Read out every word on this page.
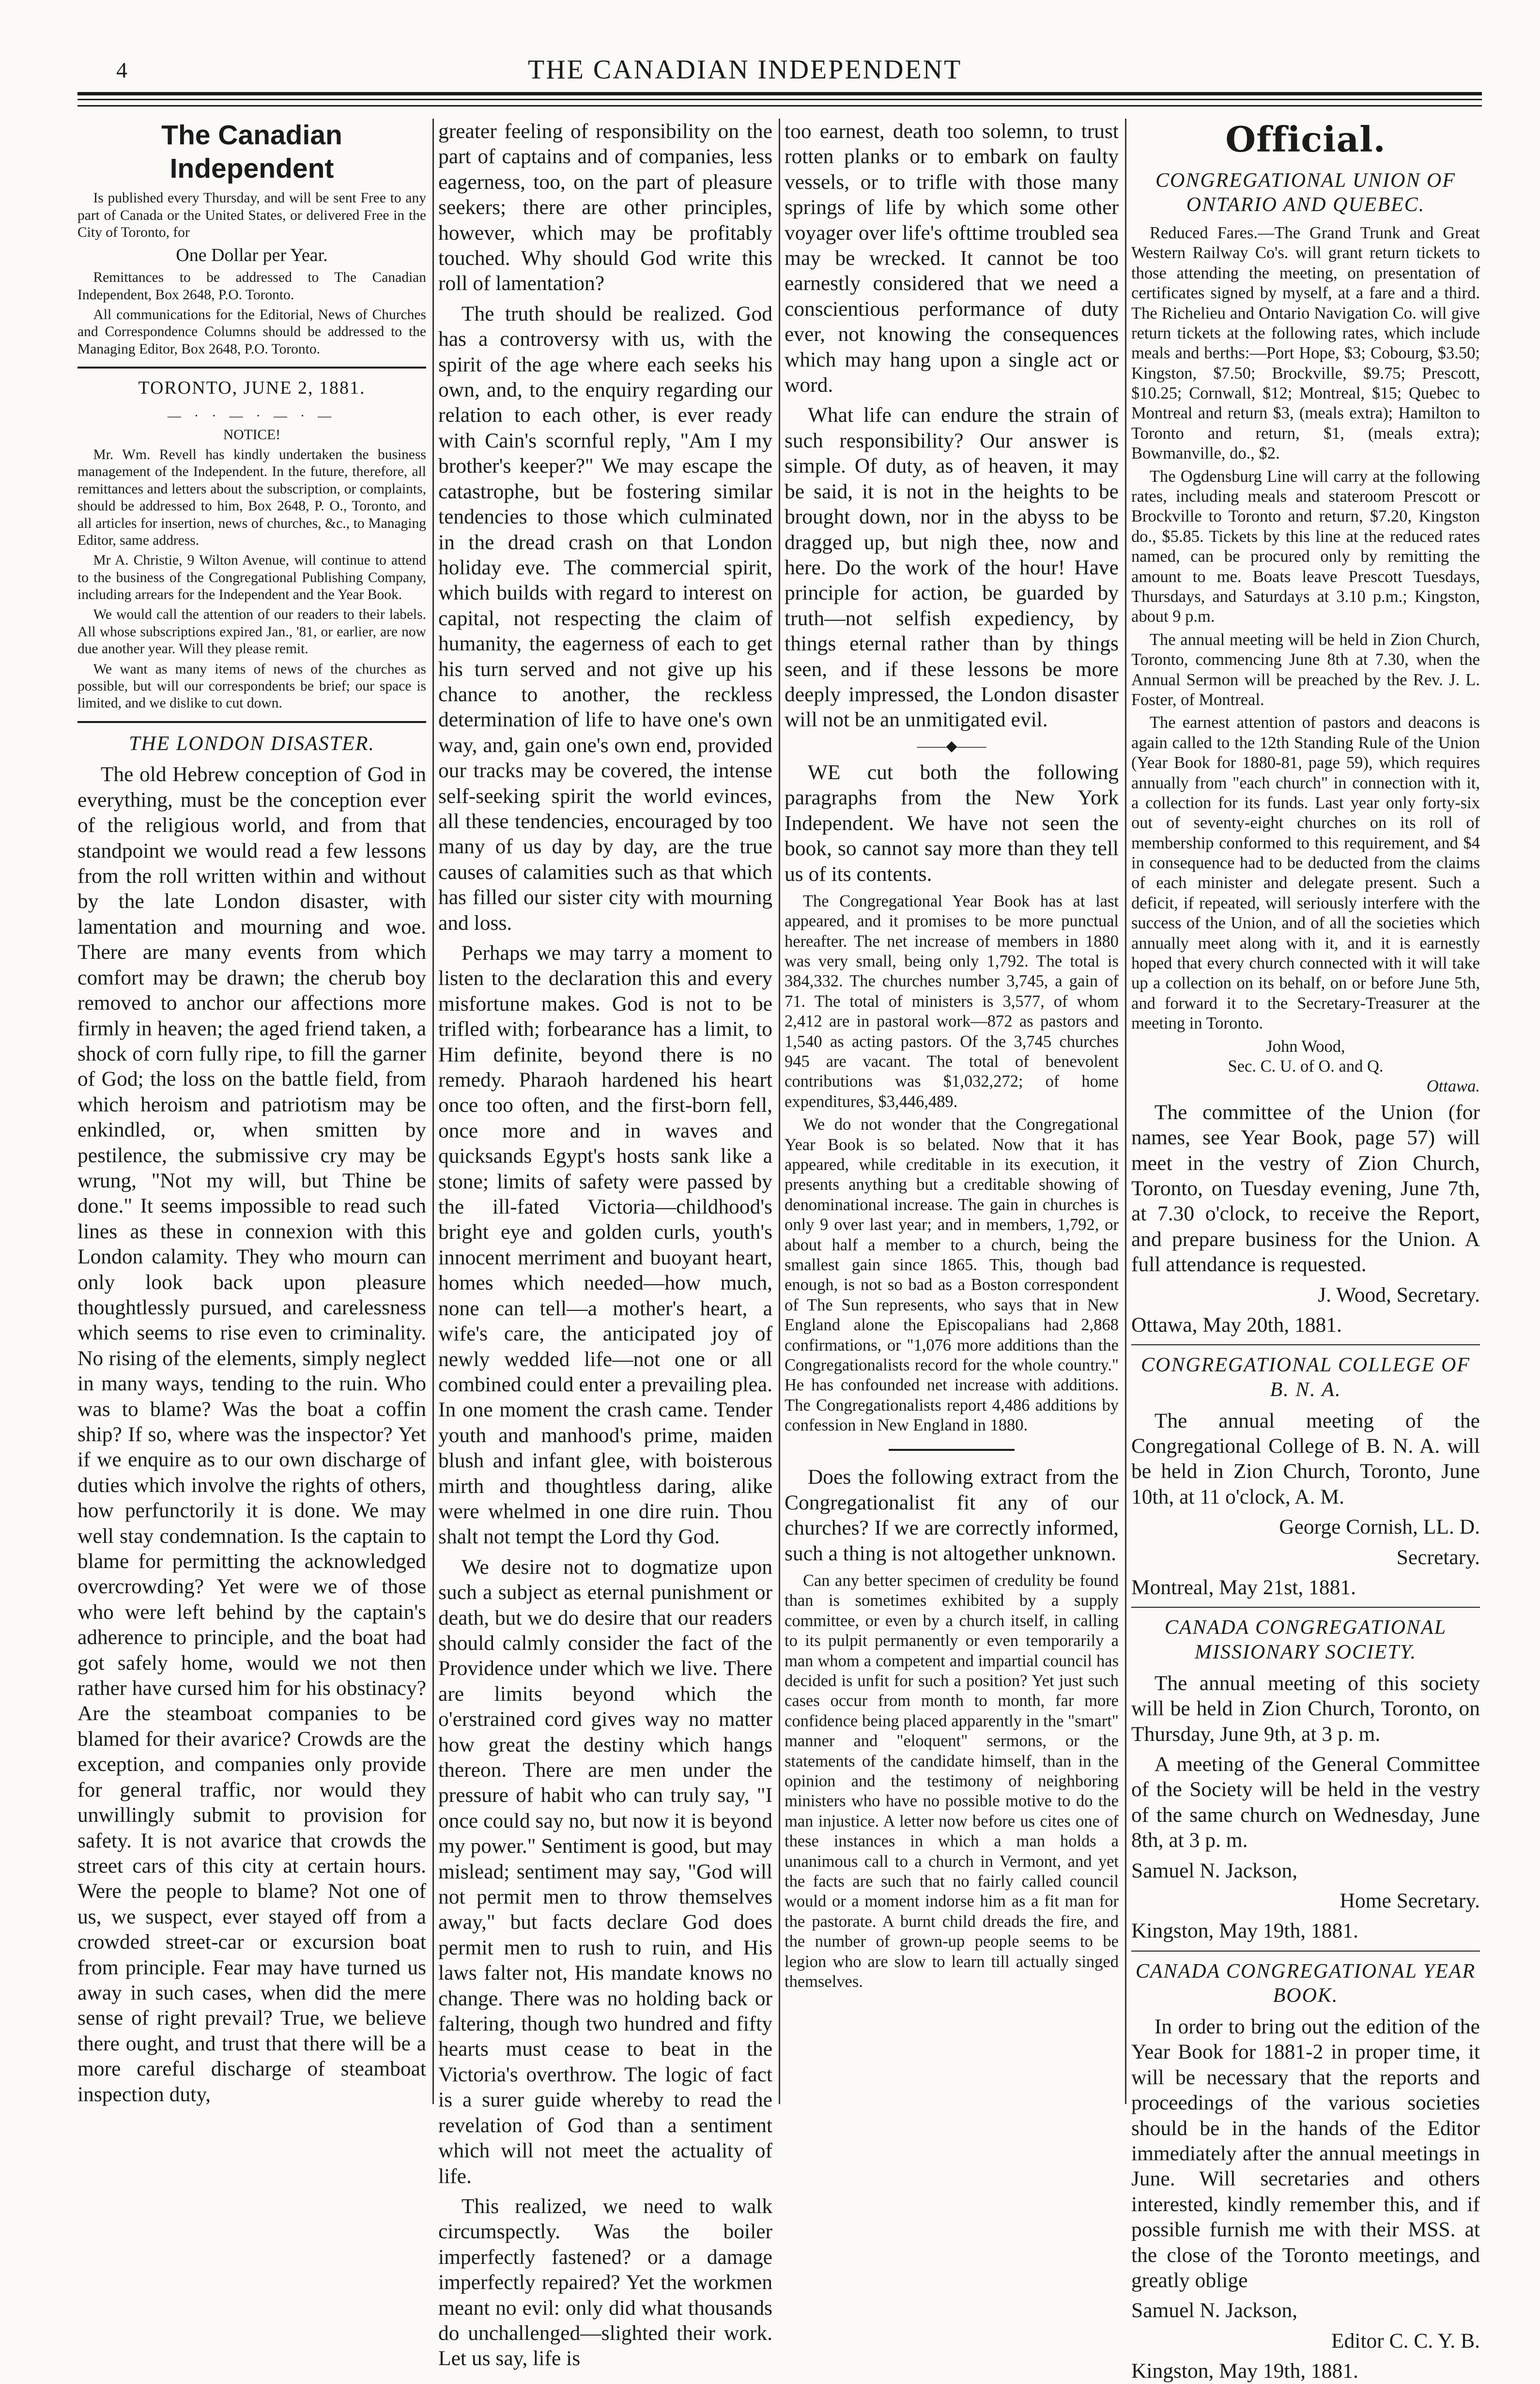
4	THE CANADIAN INDEPENDENT
The Canadian Independent

Is published every Thursday, and will be sent Free to any part of Canada or the United States, or delivered Free in the City of Toronto, for

One Dollar per Year.

Remittances to be addressed to The Canadian Independent, Box 2648, P.O. Toronto.

All communications for the Editorial, News of Churches and Correspondence Columns should be addressed to the Managing Editor, Box 2648, P.O. Toronto.

TORONTO, JUNE 2, 1881.
— · · — · — · —

NOTICE!

Mr. Wm. Revell has kindly undertaken the business management of the Independent. In the future, therefore, all remittances and letters about the subscription, or complaints, should be addressed to him, Box 2648, P. O., Toronto, and all articles for insertion, news of churches, &c., to Managing Editor, same address.

Mr A. Christie, 9 Wilton Avenue, will continue to attend to the business of the Congregational Publishing Company, including arrears for the Independent and the Year Book.

We would call the attention of our readers to their labels. All whose subscriptions expired Jan., '81, or earlier, are now due another year. Will they please remit.

We want as many items of news of the churches as possible, but will our correspondents be brief; our space is limited, and we dislike to cut down.

THE LONDON DISASTER.

The old Hebrew conception of God in everything, must be the conception ever of the religious world, and from that standpoint we would read a few lessons from the roll written within and without by the late London disaster, with lamentation and mourning and woe. There are many events from which comfort may be drawn; the cherub boy removed to anchor our affections more firmly in heaven; the aged friend taken, a shock of corn fully ripe, to fill the garner of God; the loss on the battle field, from which heroism and patriotism may be enkindled, or, when smitten by pestilence, the submissive cry may be wrung, "Not my will, but Thine be done." It seems impossible to read such lines as these in connexion with this London calamity. They who mourn can only look back upon pleasure thoughtlessly pursued, and carelessness which seems to rise even to criminality. No rising of the elements, simply neglect in many ways, tending to the ruin. Who was to blame? Was the boat a coffin ship? If so, where was the inspector? Yet if we enquire as to our own discharge of duties which involve the rights of others, how perfunctorily it is done. We may well stay condemnation. Is the captain to blame for permitting the acknowledged overcrowding? Yet were we of those who were left behind by the captain's adherence to principle, and the boat had got safely home, would we not then rather have cursed him for his obstinacy? Are the steamboat companies to be blamed for their avarice? Crowds are the exception, and companies only provide for general traffic, nor would they unwillingly submit to provision for safety. It is not avarice that crowds the street cars of this city at certain hours. Were the people to blame? Not one of us, we suspect, ever stayed off from a crowded street-car or excursion boat from principle. Fear may have turned us away in such cases, when did the mere sense of right prevail? True, we believe there ought, and trust that there will be a more careful discharge of steamboat inspection duty,

greater feeling of responsibility on the part of captains and of companies, less eagerness, too, on the part of pleasure seekers; there are other principles, however, which may be profitably touched. Why should God write this roll of lamentation?

The truth should be realized. God has a controversy with us, with the spirit of the age where each seeks his own, and, to the enquiry regarding our relation to each other, is ever ready with Cain's scornful reply, "Am I my brother's keeper?" We may escape the catastrophe, but be fostering similar tendencies to those which culminated in the dread crash on that London holiday eve. The commercial spirit, which builds with regard to interest on capital, not respecting the claim of humanity, the eagerness of each to get his turn served and not give up his chance to another, the reckless determination of life to have one's own way, and, gain one's own end, provided our tracks may be covered, the intense self-seeking spirit the world evinces, all these tendencies, encouraged by too many of us day by day, are the true causes of calamities such as that which has filled our sister city with mourning and loss.

Perhaps we may tarry a moment to listen to the declaration this and every misfortune makes. God is not to be trifled with; forbearance has a limit, to Him definite, beyond there is no remedy. Pharaoh hardened his heart once too often, and the first-born fell, once more and in waves and quicksands Egypt's hosts sank like a stone; limits of safety were passed by the ill-fated Victoria—childhood's bright eye and golden curls, youth's innocent merriment and buoyant heart, homes which needed—how much, none can tell—a mother's heart, a wife's care, the anticipated joy of newly wedded life—not one or all combined could enter a prevailing plea. In one moment the crash came. Tender youth and manhood's prime, maiden blush and infant glee, with boisterous mirth and thoughtless daring, alike were whelmed in one dire ruin. Thou shalt not tempt the Lord thy God.

We desire not to dogmatize upon such a subject as eternal punishment or death, but we do desire that our readers should calmly consider the fact of the Providence under which we live. There are limits beyond which the o'erstrained cord gives way no matter how great the destiny which hangs thereon. There are men under the pressure of habit who can truly say, "I once could say no, but now it is beyond my power." Sentiment is good, but may mislead; sentiment may say, "God will not permit men to throw themselves away," but facts declare God does permit men to rush to ruin, and His laws falter not, His mandate knows no change. There was no holding back or faltering, though two hundred and fifty hearts must cease to beat in the Victoria's overthrow. The logic of fact is a surer guide whereby to read the revelation of God than a sentiment which will not meet the actuality of life.

This realized, we need to walk circumspectly. Was the boiler imperfectly fastened? or a damage imperfectly repaired? Yet the workmen meant no evil: only did what thousands do unchallenged—slighted their work. Let us say, life is

too earnest, death too solemn, to trust rotten planks or to embark on faulty vessels, or to trifle with those many springs of life by which some other voyager over life's ofttime troubled sea may be wrecked. It cannot be too earnestly considered that we need a conscientious performance of duty ever, not knowing the consequences which may hang upon a single act or word.

What life can endure the strain of such responsibility? Our answer is simple. Of duty, as of heaven, it may be said, it is not in the heights to be brought down, nor in the abyss to be dragged up, but nigh thee, now and here. Do the work of the hour! Have principle for action, be guarded by truth—not selfish expediency, by things eternal rather than by things seen, and if these lessons be more deeply impressed, the London disaster will not be an unmitigated evil.

——◆——

WE cut both the following paragraphs from the New York Independent. We have not seen the book, so cannot say more than they tell us of its contents.

The Congregational Year Book has at last appeared, and it promises to be more punctual hereafter. The net increase of members in 1880 was very small, being only 1,792. The total is 384,332. The churches number 3,745, a gain of 71. The total of ministers is 3,577, of whom 2,412 are in pastoral work—872 as pastors and 1,540 as acting pastors. Of the 3,745 churches 945 are vacant. The total of benevolent contributions was $1,032,272; of home expenditures, $3,446,489.

We do not wonder that the Congregational Year Book is so belated. Now that it has appeared, while creditable in its execution, it presents anything but a creditable showing of denominational increase. The gain in churches is only 9 over last year; and in members, 1,792, or about half a member to a church, being the smallest gain since 1865. This, though bad enough, is not so bad as a Boston correspondent of The Sun represents, who says that in New England alone the Episcopalians had 2,868 confirmations, or "1,076 more additions than the Congregationalists record for the whole country." He has confounded net increase with additions. The Congregationalists report 4,486 additions by confession in New England in 1880.

Does the following extract from the Congregationalist fit any of our churches? If we are correctly informed, such a thing is not altogether unknown.

Can any better specimen of credulity be found than is sometimes exhibited by a supply committee, or even by a church itself, in calling to its pulpit permanently or even temporarily a man whom a competent and impartial council has decided is unfit for such a position? Yet just such cases occur from month to month, far more confidence being placed apparently in the "smart" manner and "eloquent" sermons, or the statements of the candidate himself, than in the opinion and the testimony of neighboring ministers who have no possible motive to do the man injustice. A letter now before us cites one of these instances in which a man holds a unanimous call to a church in Vermont, and yet the facts are such that no fairly called council would or a moment indorse him as a fit man for the pastorate. A burnt child dreads the fire, and the number of grown-up people seems to be legion who are slow to learn till actually singed themselves.

Official.
CONGREGATIONAL UNION OF ONTARIO AND QUEBEC.

Reduced Fares.—The Grand Trunk and Great Western Railway Co's. will grant return tickets to those attending the meeting, on presentation of certificates signed by myself, at a fare and a third. The Richelieu and Ontario Navigation Co. will give return tickets at the following rates, which include meals and berths:—Port Hope, $3; Cobourg, $3.50; Kingston, $7.50; Brockville, $9.75; Prescott, $10.25; Cornwall, $12; Montreal, $15; Quebec to Montreal and return $3, (meals extra); Hamilton to Toronto and return, $1, (meals extra); Bowmanville, do., $2.

The Ogdensburg Line will carry at the following rates, including meals and stateroom Prescott or Brockville to Toronto and return, $7.20, Kingston do., $5.85. Tickets by this line at the reduced rates named, can be procured only by remitting the amount to me. Boats leave Prescott Tuesdays, Thursdays, and Saturdays at 3.10 p.m.; Kingston, about 9 p.m.

The annual meeting will be held in Zion Church, Toronto, commencing June 8th at 7.30, when the Annual Sermon will be preached by the Rev. J. L. Foster, of Montreal.

The earnest attention of pastors and deacons is again called to the 12th Standing Rule of the Union (Year Book for 1880-81, page 59), which requires annually from "each church" in connection with it, a collection for its funds. Last year only forty-six out of seventy-eight churches on its roll of membership conformed to this requirement, and $4 in consequence had to be deducted from the claims of each minister and delegate present. Such a deficit, if repeated, will seriously interfere with the success of the Union, and of all the societies which annually meet along with it, and it is earnestly hoped that every church connected with it will take up a collection on its behalf, on or before June 5th, and forward it to the Secretary-Treasurer at the meeting in Toronto.

John Wood,

Sec. C. U. of O. and Q.

Ottawa.

The committee of the Union (for names, see Year Book, page 57) will meet in the vestry of Zion Church, Toronto, on Tuesday evening, June 7th, at 7.30 o'clock, to receive the Report, and prepare business for the Union. A full attendance is requested.

J. Wood, Secretary.

Ottawa, May 20th, 1881.

CONGREGATIONAL COLLEGE OF B. N. A.

The annual meeting of the Congregational College of B. N. A. will be held in Zion Church, Toronto, June 10th, at 11 o'clock, A. M.

George Cornish, LL. D.

Secretary.

Montreal, May 21st, 1881.

CANADA CONGREGATIONAL MISSIONARY SOCIETY.

The annual meeting of this society will be held in Zion Church, Toronto, on Thursday, June 9th, at 3 p. m.

A meeting of the General Committee of the Society will be held in the vestry of the same church on Wednesday, June 8th, at 3 p. m.

Samuel N. Jackson,

Home Secretary.

Kingston, May 19th, 1881.

CANADA CONGREGATIONAL YEAR BOOK.

In order to bring out the edition of the Year Book for 1881-2 in proper time, it will be necessary that the reports and proceedings of the various societies should be in the hands of the Editor immediately after the annual meetings in June. Will secretaries and others interested, kindly remember this, and if possible furnish me with their MSS. at the close of the Toronto meetings, and greatly oblige

Samuel N. Jackson,

Editor C. C. Y. B.

Kingston, May 19th, 1881.
